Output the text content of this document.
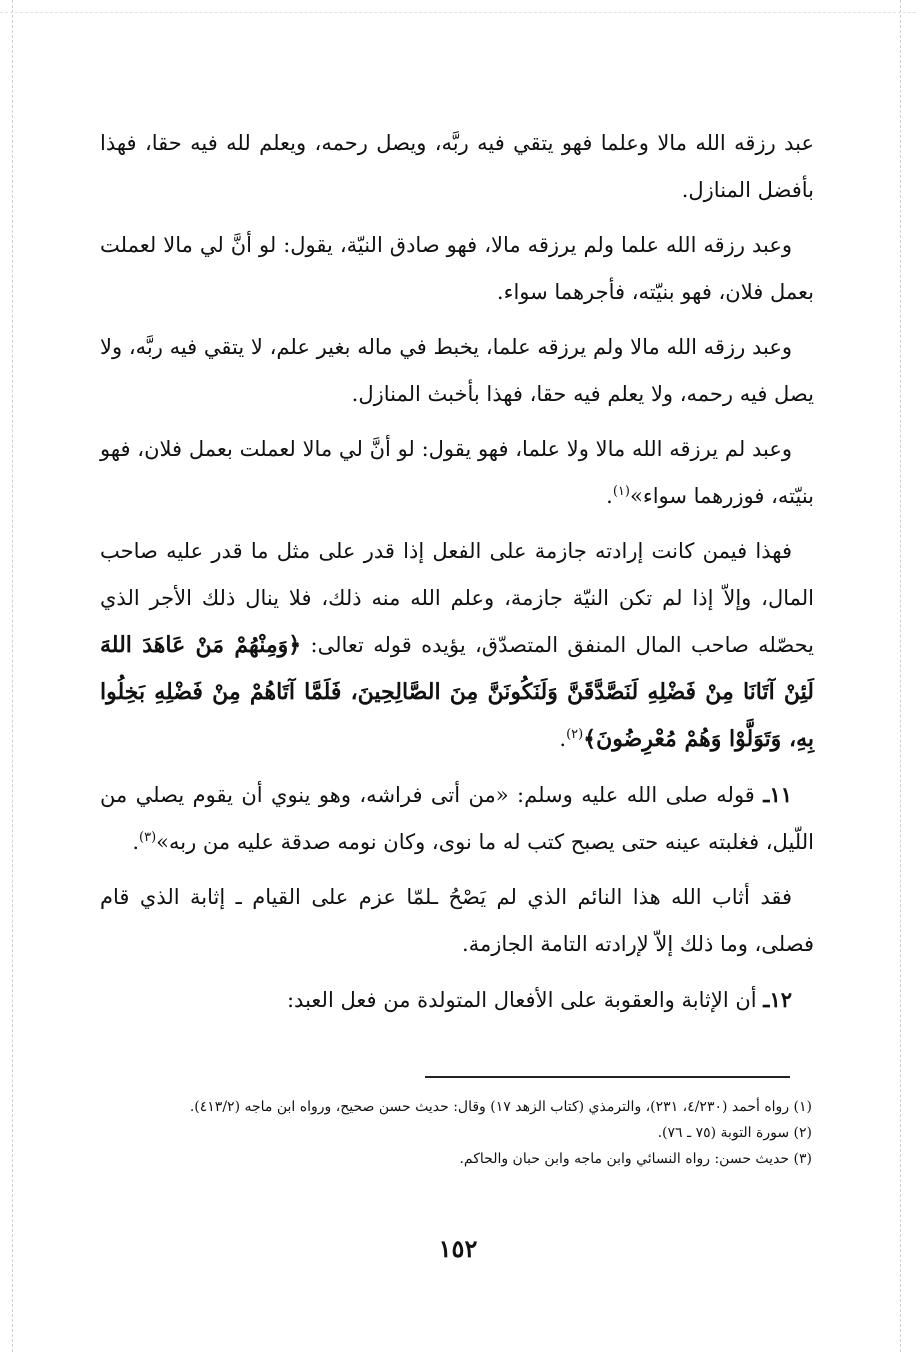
عبد رزقه الله مالا وعلما فهو يتقي فيه ربَّه، ويصل رحمه، ويعلم لله فيه حقا، فهذا بأفضل المنازل.

وعبد رزقه الله علما ولم يرزقه مالا، فهو صادق النيّة، يقول: لو أنَّ لي مالا لعملت بعمل فلان، فهو بنيّته، فأجرهما سواء.

وعبد رزقه الله مالا ولم يرزقه علما، يخبط في ماله بغير علم، لا يتقي فيه ربَّه، ولا يصل فيه رحمه، ولا يعلم فيه حقا، فهذا بأخبث المنازل.

وعبد لم يرزقه الله مالا ولا علما، فهو يقول: لو أنَّ لي مالا لعملت بعمل فلان، فهو بنيّته، فوزرهما سواء»$^{(١)}$.

فهذا فيمن كانت إرادته جازمة على الفعل إذا قدر على مثل ما قدر عليه صاحب المال، وإلاّ إذا لم تكن النيّة جازمة، وعلم الله منه ذلك، فلا ينال ذلك الأجر الذي يحصّله صاحب المال المنفق المتصدّق، يؤيده قوله تعالى: ﴿وَمِنْهُمْ مَنْ عَاهَدَ اللهَ لَئِنْ آتَانَا مِنْ فَضْلِهِ لَنَصَّدَّقَنَّ وَلَنَكُونَنَّ مِنَ الصَّالِحِينَ، فَلَمَّا آتَاهُمْ مِنْ فَضْلِهِ بَخِلُوا بِهِ، وَتَوَلَّوْا وَهُمْ مُعْرِضُونَ﴾$^{(٢)}$.

١١ـ قوله صلى الله عليه وسلم: «من أتى فراشه، وهو ينوي أن يقوم يصلي من اللّيل، فغلبته عينه حتى يصبح كتب له ما نوى، وكان نومه صدقة عليه من ربه»$^{(٣)}$.

فقد أثاب الله هذا النائم الذي لم يَصْحُ ـلمّا عزم على القيام ـ إثابة الذي قام فصلى، وما ذلك إلاّ لإرادته التامة الجازمة.

١٢ـ أن الإثابة والعقوبة على الأفعال المتولدة من فعل العبد:

(١) رواه أحمد (٤/٢٣٠، ٢٣١)، والترمذي (كتاب الزهد ١٧) وقال: حديث حسن صحيح، ورواه ابن ماجه (٤١٣/٢).

(٢) سورة التوبة (٧٥ ـ ٧٦).

(٣) حديث حسن: رواه النسائي وابن ماجه وابن حبان والحاكم.

١٥٢
